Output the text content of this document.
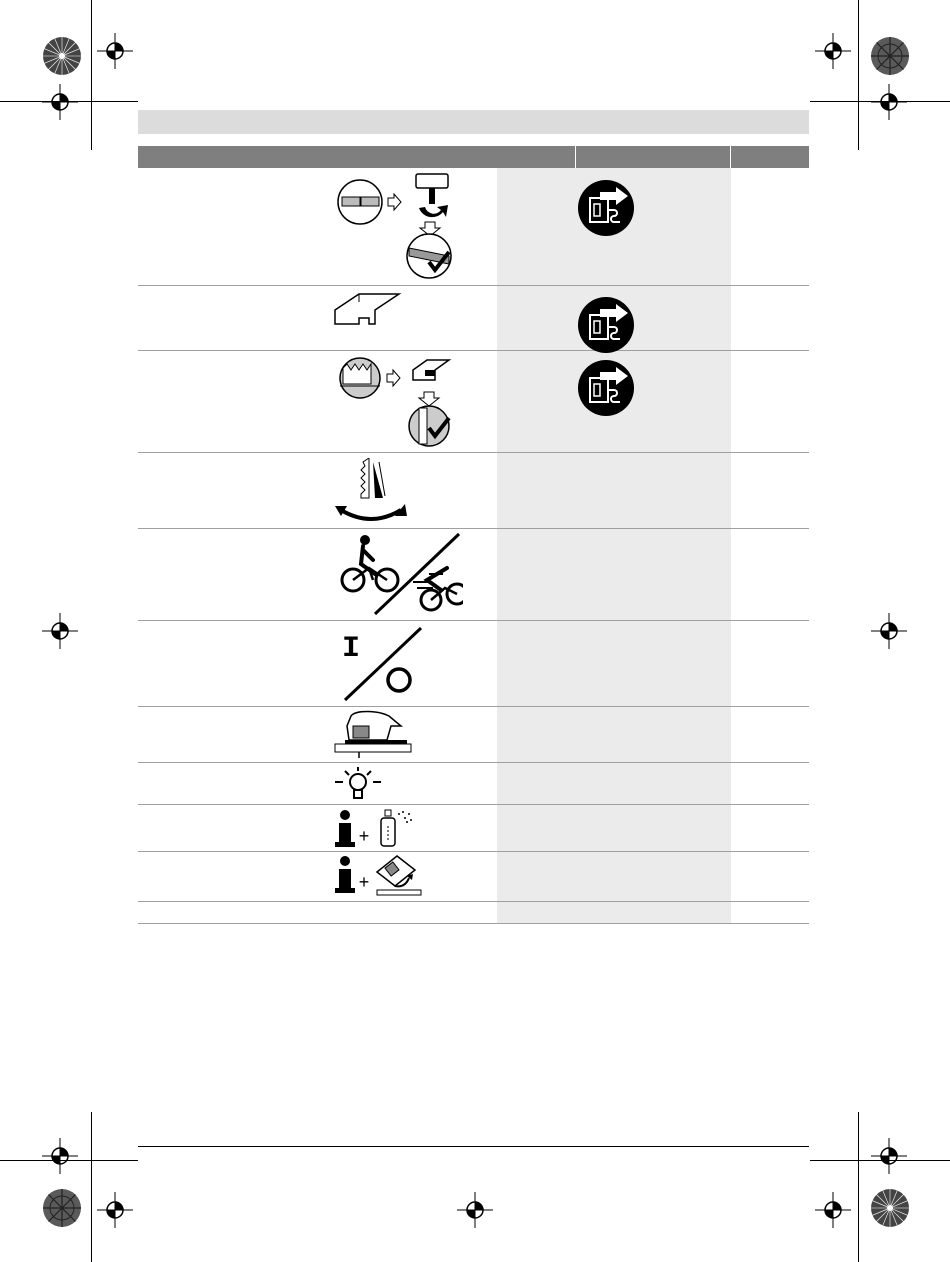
I
+
+
